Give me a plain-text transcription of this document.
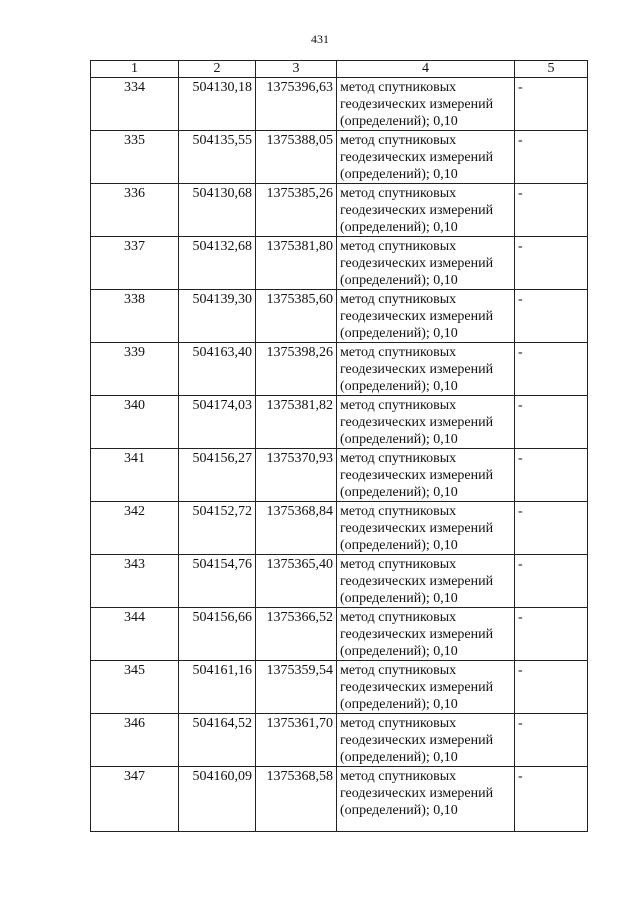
431
1	2	3	4	5
334	504130,18	1375396,63	метод спутниковых геодезических измерений (определений); 0,10	-
335	504135,55	1375388,05	метод спутниковых геодезических измерений (определений); 0,10	-
336	504130,68	1375385,26	метод спутниковых геодезических измерений (определений); 0,10	-
337	504132,68	1375381,80	метод спутниковых геодезических измерений (определений); 0,10	-
338	504139,30	1375385,60	метод спутниковых геодезических измерений (определений); 0,10	-
339	504163,40	1375398,26	метод спутниковых геодезических измерений (определений); 0,10	-
340	504174,03	1375381,82	метод спутниковых геодезических измерений (определений); 0,10	-
341	504156,27	1375370,93	метод спутниковых геодезических измерений (определений); 0,10	-
342	504152,72	1375368,84	метод спутниковых геодезических измерений (определений); 0,10	-
343	504154,76	1375365,40	метод спутниковых геодезических измерений (определений); 0,10	-
344	504156,66	1375366,52	метод спутниковых геодезических измерений (определений); 0,10	-
345	504161,16	1375359,54	метод спутниковых геодезических измерений (определений); 0,10	-
346	504164,52	1375361,70	метод спутниковых геодезических измерений (определений); 0,10	-
347	504160,09	1375368,58	метод спутниковых геодезических измерений (определений); 0,10	-
